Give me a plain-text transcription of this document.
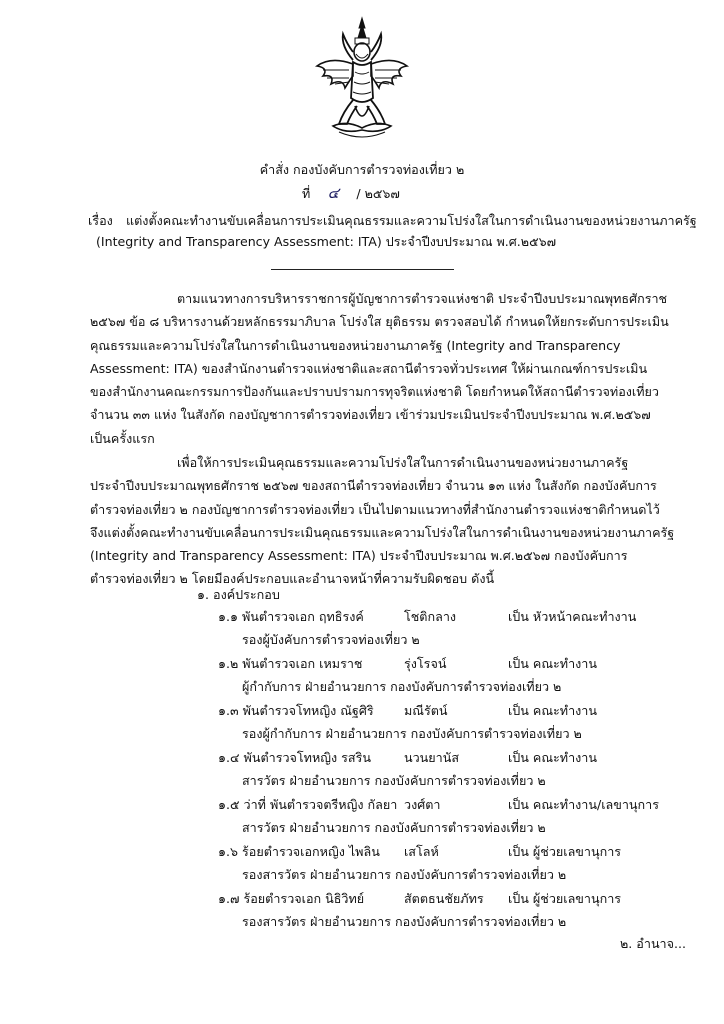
คำสั่ง กองบังคับการตำรวจท่องเที่ยว ๒
ที่ ๔ / ๒๕๖๗
เรื่อง แต่งตั้งคณะทำงานขับเคลื่อนการประเมินคุณธรรมและความโปร่งใสในการดำเนินงานของหน่วยงานภาครัฐ
(Integrity and Transparency Assessment: ITA) ประจำปีงบประมาณ พ.ศ.๒๕๖๗
ตามแนวทางการบริหารราชการผู้บัญชาการตำรวจแห่งชาติ ประจำปีงบประมาณพุทธศักราช
๒๕๖๗ ข้อ ๘ บริหารงานด้วยหลักธรรมาภิบาล โปร่งใส ยุติธรรม ตรวจสอบได้ กำหนดให้ยกระดับการประเมิน
คุณธรรมและความโปร่งใสในการดำเนินงานของหน่วยงานภาครัฐ (Integrity and Transparency
Assessment: ITA) ของสำนักงานตำรวจแห่งชาติและสถานีตำรวจทั่วประเทศ ให้ผ่านเกณฑ์การประเมิน
ของสำนักงานคณะกรรมการป้องกันและปราบปรามการทุจริตแห่งชาติ โดยกำหนดให้สถานีตำรวจท่องเที่ยว
จำนวน ๓๓ แห่ง ในสังกัด กองบัญชาการตำรวจท่องเที่ยว เข้าร่วมประเมินประจำปีงบประมาณ พ.ศ.๒๕๖๗
เป็นครั้งแรก
เพื่อให้การประเมินคุณธรรมและความโปร่งใสในการดำเนินงานของหน่วยงานภาครัฐ
ประจำปีงบประมาณพุทธศักราช ๒๕๖๗ ของสถานีตำรวจท่องเที่ยว จำนวน ๑๓ แห่ง ในสังกัด กองบังคับการ
ตำรวจท่องเที่ยว ๒ กองบัญชาการตำรวจท่องเที่ยว เป็นไปตามแนวทางที่สำนักงานตำรวจแห่งชาติกำหนดไว้
จึงแต่งตั้งคณะทำงานขับเคลื่อนการประเมินคุณธรรมและความโปร่งใสในการดำเนินงานของหน่วยงานภาครัฐ
(Integrity and Transparency Assessment: ITA) ประจำปีงบประมาณ พ.ศ.๒๕๖๗ กองบังคับการ
ตำรวจท่องเที่ยว ๒ โดยมีองค์ประกอบและอำนาจหน้าที่ความรับผิดชอบ ดังนี้
๑. องค์ประกอบ
๑.๑ พันตำรวจเอก ฤทธิรงค์	โชติกลาง	เป็น หัวหน้าคณะทำงาน
รองผู้บังคับการตำรวจท่องเที่ยว ๒
๑.๒ พันตำรวจเอก เหมราช	รุ่งโรจน์	เป็น คณะทำงาน
ผู้กำกับการ ฝ่ายอำนวยการ กองบังคับการตำรวจท่องเที่ยว ๒
๑.๓ พันตำรวจโทหญิง ณัฐศิริ มณีรัตน์	เป็น คณะทำงาน
รองผู้กำกับการ ฝ่ายอำนวยการ กองบังคับการตำรวจท่องเที่ยว ๒
๑.๔ พันตำรวจโทหญิง รสริน	นวนยานัส	เป็น คณะทำงาน
สารวัตร ฝ่ายอำนวยการ กองบังคับการตำรวจท่องเที่ยว ๒
๑.๕ ว่าที่ พันตำรวจตรีหญิง กัลยา วงศ์ตา	เป็น คณะทำงาน/เลขานุการ
สารวัตร ฝ่ายอำนวยการ กองบังคับการตำรวจท่องเที่ยว ๒
๑.๖ ร้อยตำรวจเอกหญิง ไพลิน เสโลห์	เป็น ผู้ช่วยเลขานุการ
รองสารวัตร ฝ่ายอำนวยการ กองบังคับการตำรวจท่องเที่ยว ๒
๑.๗ ร้อยตำรวจเอก นิธิวิทย์	สัตตธนชัยภัทร เป็น ผู้ช่วยเลขานุการ
รองสารวัตร ฝ่ายอำนวยการ กองบังคับการตำรวจท่องเที่ยว ๒
๒. อำนาจ...
